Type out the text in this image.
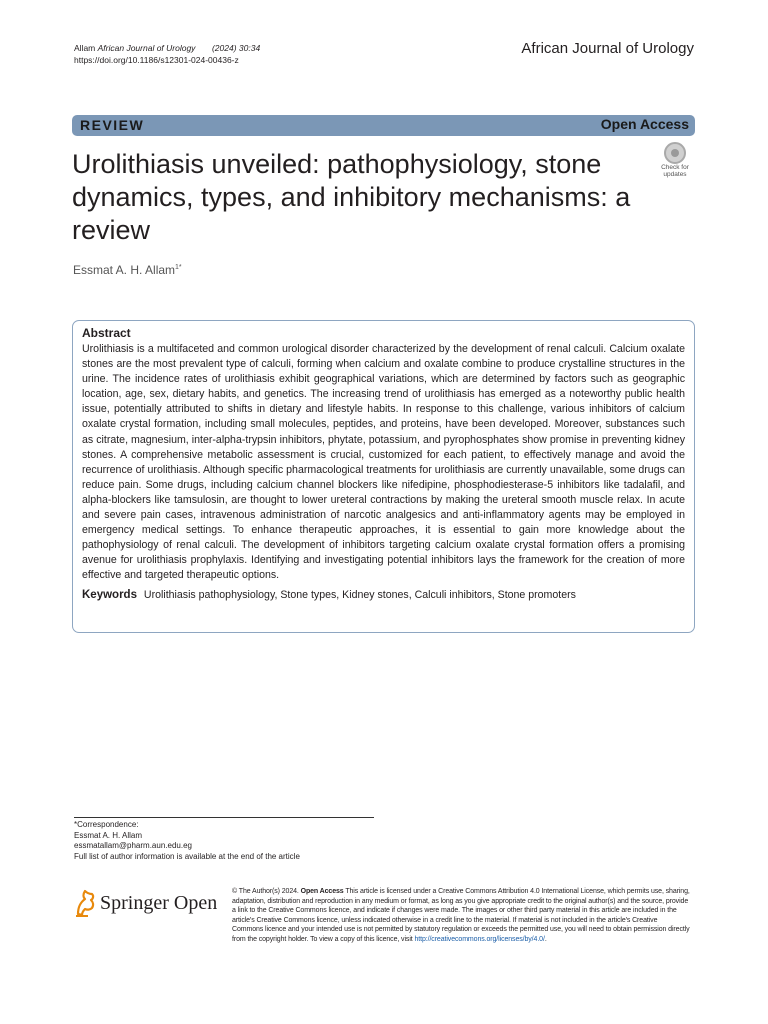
Allam African Journal of Urology (2024) 30:34
https://doi.org/10.1186/s12301-024-00436-z
African Journal of Urology
REVIEW	Open Access
Urolithiasis unveiled: pathophysiology, stone dynamics, types, and inhibitory mechanisms: a review
Check for
updates
Essmat A. H. Allam$^{1*}$
Abstract

Urolithiasis is a multifaceted and common urological disorder characterized by the development of renal calculi. Calcium oxalate stones are the most prevalent type of calculi, forming when calcium and oxalate combine to produce crystalline structures in the urine. The incidence rates of urolithiasis exhibit geographical variations, which are determined by factors such as geographic location, age, sex, dietary habits, and genetics. The increasing trend of urolithiasis has emerged as a noteworthy public health issue, potentially attributed to shifts in dietary and lifestyle habits. In response to this challenge, various inhibitors of calcium oxalate crystal formation, including small molecules, peptides, and proteins, have been developed. Moreover, substances such as citrate, magnesium, inter-alpha-trypsin inhibitors, phytate, potassium, and pyrophosphates show promise in preventing kidney stones. A comprehensive metabolic assessment is crucial, customized for each patient, to effectively manage and avoid the recurrence of urolithiasis. Although specific pharmacological treatments for urolithiasis are currently unavailable, some drugs can reduce pain. Some drugs, including calcium channel blockers like nifedipine, phosphodiesterase-5 inhibitors like tadalafil, and alpha-blockers like tamsulosin, are thought to lower ureteral contractions by making the ureteral smooth muscle relax. In acute and severe pain cases, intravenous administration of narcotic analgesics and anti-inflammatory agents may be employed in emergency medical settings. To enhance therapeutic approaches, it is essential to gain more knowledge about the pathophysiology of renal calculi. The development of inhibitors targeting calcium oxalate crystal formation offers a promising avenue for urolithiasis prophylaxis. Identifying and investigating potential inhibitors lays the framework for the creation of more effective and targeted therapeutic options.

Keywords Urolithiasis pathophysiology, Stone types, Kidney stones, Calculi inhibitors, Stone promoters
*Correspondence:
Essmat A. H. Allam
essmatallam@pharm.aun.edu.eg
Full list of author information is available at the end of the article
Springer Open
© The Author(s) 2024. Open Access This article is licensed under a Creative Commons Attribution 4.0 International License, which permits use, sharing, adaptation, distribution and reproduction in any medium or format, as long as you give appropriate credit to the original author(s) and the source, provide a link to the Creative Commons licence, and indicate if changes were made. The images or other third party material in this article are included in the article's Creative Commons licence, unless indicated otherwise in a credit line to the material. If material is not included in the article's Creative Commons licence and your intended use is not permitted by statutory regulation or exceeds the permitted use, you will need to obtain permission directly from the copyright holder. To view a copy of this licence, visit http://creativecommons.org/licenses/by/4.0/.
